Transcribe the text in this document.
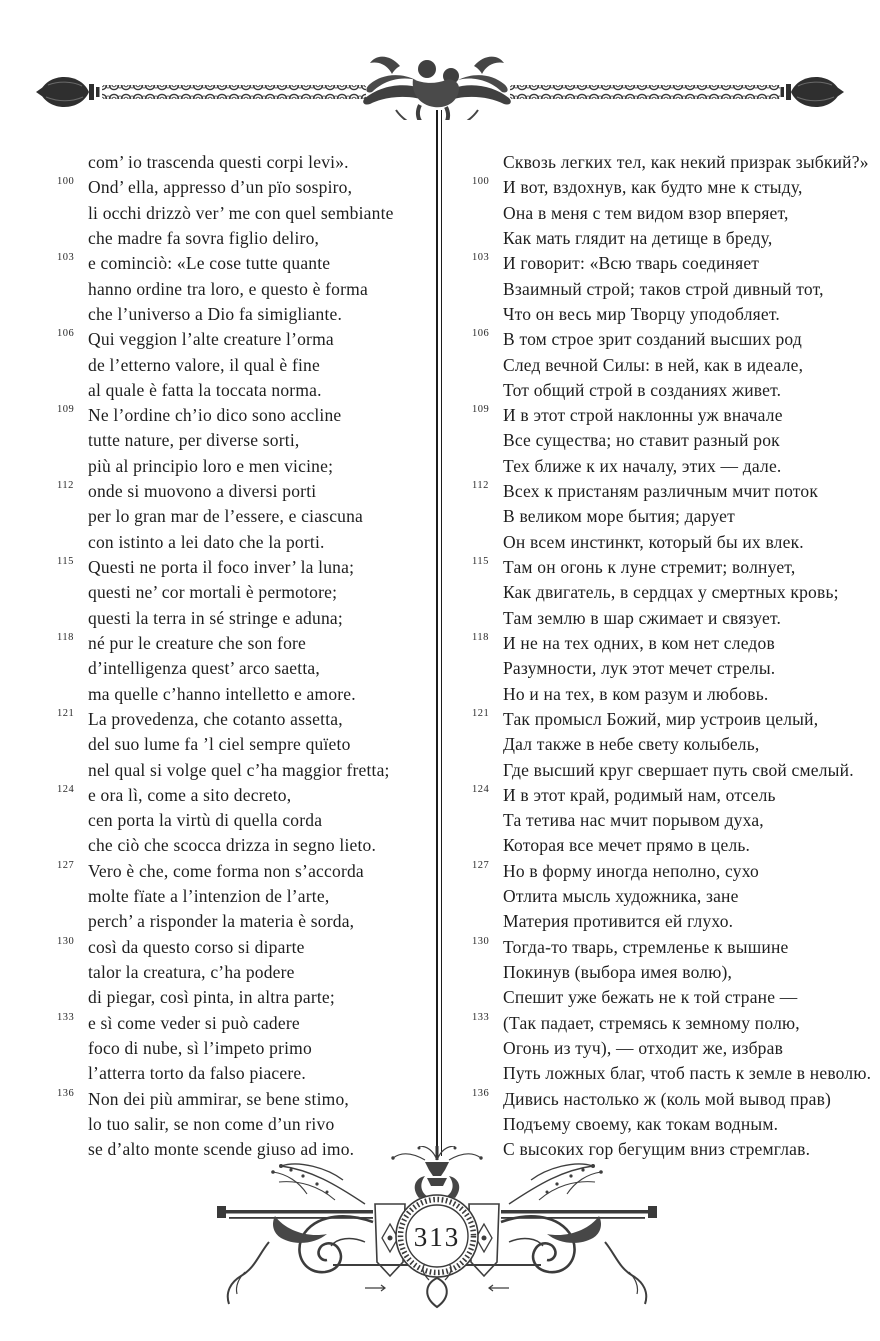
com’ io trascenda questi corpi levi».
100 Ond’ ella, appresso d’un pïo sospiro,
li occhi drizzò ver’ me con quel sembiante
che madre fa sovra figlio deliro,
103 e cominciò: «Le cose tutte quante
hanno ordine tra loro, e questo è forma
che l’universo a Dio fa simigliante.
106 Qui veggion l’alte creature l’orma
de l’etterno valore, il qual è fine
al quale è fatta la toccata norma.
109 Ne l’ordine ch’io dico sono accline
tutte nature, per diverse sorti,
più al principio loro e men vicine;
112 onde si muovono a diversi porti
per lo gran mar de l’essere, e ciascuna
con istinto a lei dato che la porti.
115 Questi ne porta il foco inver’ la luna;
questi ne’ cor mortali è permotore;
questi la terra in sé stringe e aduna;
118 né pur le creature che son fore
d’intelligenza quest’ arco saetta,
ma quelle c’hanno intelletto e amore.
121 La provedenza, che cotanto assetta,
del suo lume fa ’l ciel sempre quïeto
nel qual si volge quel c’ha maggior fretta;
124 e ora lì, come a sito decreto,
cen porta la virtù di quella corda
che ciò che scocca drizza in segno lieto.
127 Vero è che, come forma non s’accorda
molte fïate a l’intenzion de l’arte,
perch’ a risponder la materia è sorda,
130 così da questo corso si diparte
talor la creatura, c’ha podere
di piegar, così pinta, in altra parte;
133 e sì come veder si può cadere
foco di nube, sì l’impeto primo
l’atterra torto da falso piacere.
136 Non dei più ammirar, se bene stimo,
lo tuo salir, se non come d’un rivo
se d’alto monte scende giuso ad imo.
Сквозь легких тел, как некий призрак зыбкий?»
100 И вот, вздохнув, как будто мне к стыду,
Она в меня с тем видом взор вперяет,
Как мать глядит на детище в бреду,
103 И говорит: «Всю тварь соединяет
Взаимный строй; таков строй дивный тот,
Что он весь мир Творцу уподобляет.
106 В том строе зрит созданий высших род
След вечной Силы: в ней, как в идеале,
Тот общий строй в созданиях живет.
109 И в этот строй наклонны уж вначале
Все существа; но ставит разный рок
Тех ближе к их началу, этих — дале.
112 Всех к пристаням различным мчит поток
В великом море бытия; дарует
Он всем инстинкт, который бы их влек.
115 Там он огонь к луне стремит; волнует,
Как двигатель, в сердцах у смертных кровь;
Там землю в шар сжимает и связует.
118 И не на тех одних, в ком нет следов
Разумности, лук этот мечет стрелы.
Но и на тех, в ком разум и любовь.
121 Так промысл Божий, мир устроив целый,
Дал также в небе свету колыбель,
Где высший круг свершает путь свой смелый.
124 И в этот край, родимый нам, отсель
Та тетива нас мчит порывом духа,
Которая все мечет прямо в цель.
127 Но в форму иногда неполно, сухо
Отлита мысль художника, зане
Материя противится ей глухо.
130 Тогда-то тварь, стремленье к вышине
Покинув (выбора имея волю),
Спешит уже бежать не к той стране —
133 (Так падает, стремясь к земному полю,
Огонь из туч), — отходит же, избрав
Путь ложных благ, чтоб пасть к земле в неволю.
136 Дивись настолько ж (коль мой вывод прав)
Подъему своему, как токам водным.
С высоких гор бегущим вниз стремглав.
313
